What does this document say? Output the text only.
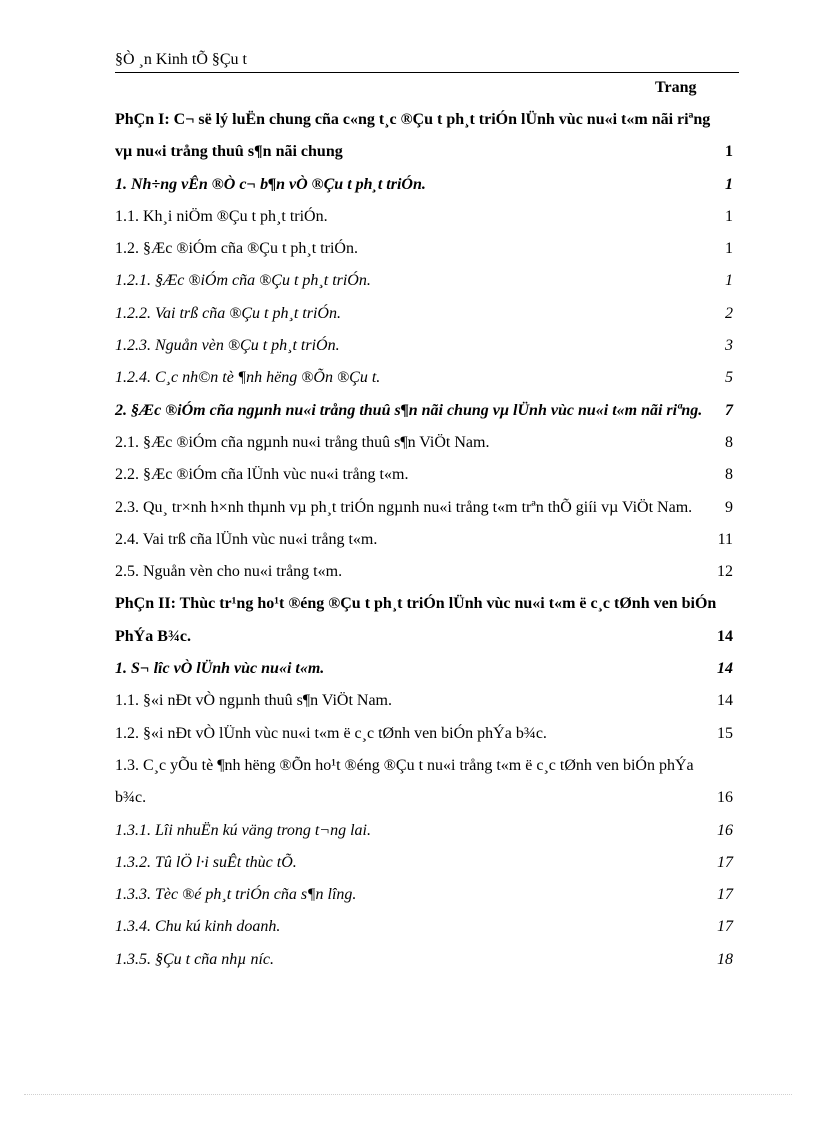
§Ò ¸n Kinh tÕ §Çu t
Trang
PhÇn I: C¬ së lý luËn chung cña c«ng t¸c ®Çu t ph¸t triÓn lÜnh vùc nu«i t«m nãi riªng vµ nu«i trång thuû s¶n nãi chung	1
1. Nh÷ng vÊn ®Ò c¬ b¶n vÒ ®Çu t ph¸t triÓn.	1
1.1. Kh¸i niÖm ®Çu t ph¸t triÓn.	1
1.2. §Æc ®iÓm cña ®Çu t ph¸t triÓn.	1
1.2.1. §Æc ®iÓm cña ®Çu t ph¸t triÓn.	1
1.2.2. Vai trß cña ®Çu t ph¸t triÓn.	2
1.2.3. Nguån vèn ®Çu t ph¸t triÓn.	3
1.2.4. C¸c nh©n tè ¶nh hëng ®Õn ®Çu t.	5
2. §Æc ®iÓm cña ngµnh nu«i trång thuû s¶n nãi chung vµ lÜnh vùc nu«i t«m nãi riªng.	7
2.1. §Æc ®iÓm cña ngµnh nu«i trång thuû s¶n ViÖt Nam.	8
2.2. §Æc ®iÓm cña lÜnh vùc nu«i trång t«m.	8
2.3. Qu¸ tr×nh h×nh thµnh vµ ph¸t triÓn ngµnh nu«i trång t«m trªn thÕ giíi vµ ViÖt Nam.	9
2.4. Vai trß cña lÜnh vùc nu«i trång t«m.	11
2.5. Nguån vèn cho nu«i trång t«m.	12
PhÇn II: Thùc tr¹ng ho¹t ®éng ®Çu t ph¸t triÓn lÜnh vùc nu«i t«m ë c¸c tØnh ven biÓn PhÝa B¾c.	14
1. S¬ lîc vÒ lÜnh vùc nu«i t«m.	14
1.1. §«i nÐt vÒ ngµnh thuû s¶n ViÖt Nam.	14
1.2. §«i nÐt vÒ lÜnh vùc nu«i t«m ë c¸c tØnh ven biÓn phÝa b¾c.	15
1.3. C¸c yÕu tè ¶nh hëng ®Õn ho¹t ®éng ®Çu t nu«i trång t«m ë c¸c tØnh ven biÓn phÝa b¾c.	16
1.3.1. Lîi nhuËn kú väng trong t¬ng lai.	16
1.3.2. Tû lÖ l·i suÊt thùc tÕ.	17
1.3.3. Tèc ®é ph¸t triÓn cña s¶n lîng.	17
1.3.4. Chu kú kinh doanh.	17
1.3.5. §Çu t cña nhµ níc.	18
